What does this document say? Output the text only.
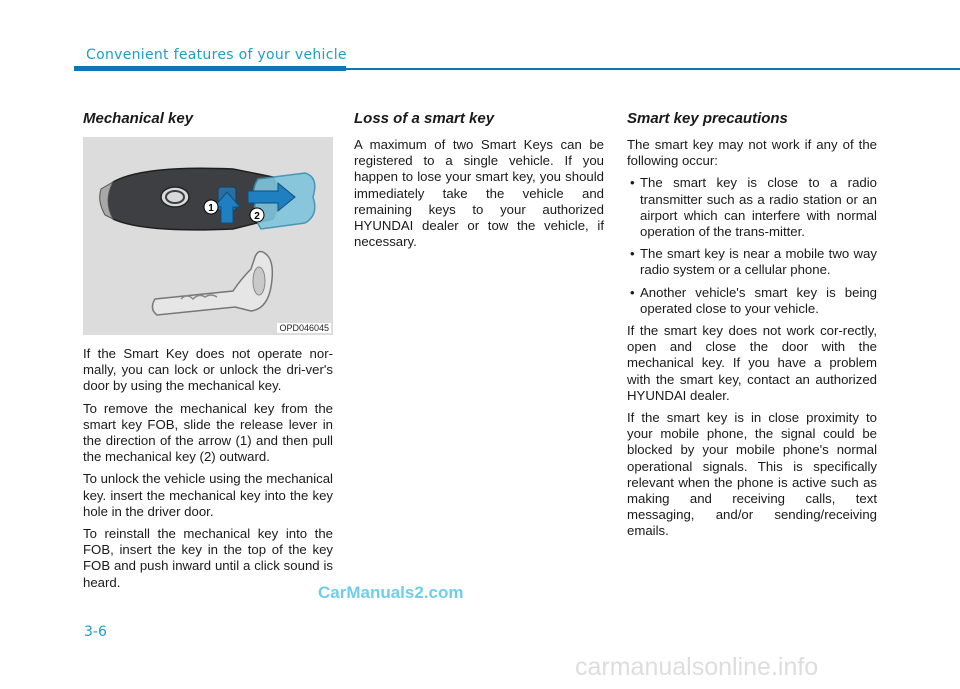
Convenient features of your vehicle
Mechanical key
1
2
OPD046045

If the Smart Key does not operate nor-mally, you can lock or unlock the dri-ver's door by using the mechanical key.

To remove the mechanical key from the smart key FOB, slide the release lever in the direction of the arrow (1) and then pull the mechanical key (2) outward.

To unlock the vehicle using the mechanical key. insert the mechanical key into the key hole in the driver door.

To reinstall the mechanical key into the FOB, insert the key in the top of the key FOB and push inward until a click sound is heard.

Loss of a smart key

A maximum of two Smart Keys can be registered to a single vehicle. If you happen to lose your smart key, you should immediately take the vehicle and remaining keys to your authorized HYUNDAI dealer or tow the vehicle, if necessary.

Smart key precautions

The smart key may not work if any of the following occur:

• The smart key is close to a radio transmitter such as a radio station or an airport which can interfere with normal operation of the trans-mitter.
• The smart key is near a mobile two way radio system or a cellular phone.
• Another vehicle's smart key is being operated close to your vehicle.

If the smart key does not work cor-rectly, open and close the door with the mechanical key. If you have a problem with the smart key, contact an authorized HYUNDAI dealer.

If the smart key is in close proximity to your mobile phone, the signal could be blocked by your mobile phone's normal operational signals. This is specifically relevant when the phone is active such as making and receiving calls, text messaging, and/or sending/receiving emails.

3-6
CarManuals2.com
carmanualsonline.info
